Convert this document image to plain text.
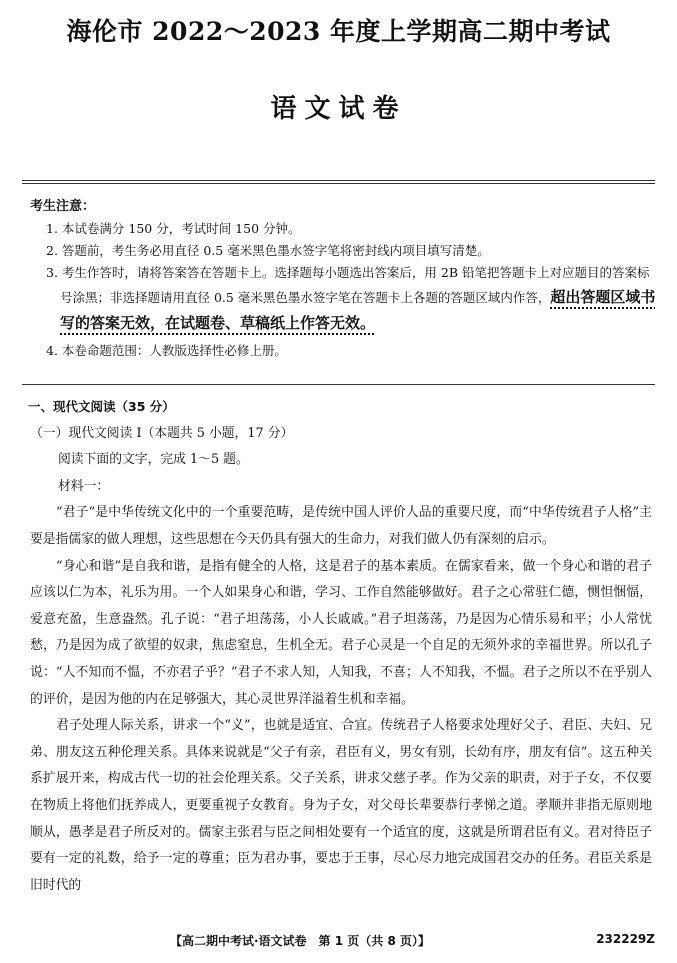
海伦市 2022～2023 年度上学期高二期中考试
语文试卷
考生注意：
1. 本试卷满分 150 分，考试时间 150 分钟。
2. 答题前，考生务必用直径 0.5 毫米黑色墨水签字笔将密封线内项目填写清楚。
3. 考生作答时，请将答案答在答题卡上。选择题每小题选出答案后，用 2B 铅笔把答题卡上对应题目的答案标号涂黑；非选择题请用直径 0.5 毫米黑色墨水签字笔在答题卡上各题的答题区域内作答，超出答题区域书写的答案无效，在试题卷、草稿纸上作答无效。
4. 本卷命题范围：人教版选择性必修上册。
一、现代文阅读（35 分）
（一）现代文阅读 I（本题共 5 小题，17 分）
阅读下面的文字，完成 1～5 题。
材料一：
“君子”是中华传统文化中的一个重要范畴，是传统中国人评价人品的重要尺度，而“中华传统君子人格”主要是指儒家的做人理想，这些思想在今天仍具有强大的生命力，对我们做人仍有深刻的启示。
“身心和谐”是自我和谐，是指有健全的人格，这是君子的基本素质。在儒家看来，做一个身心和谐的君子应该以仁为本，礼乐为用。一个人如果身心和谐，学习、工作自然能够做好。君子之心常驻仁德，恻怛悃愊，爱意充盈，生意盎然。孔子说：“君子坦荡荡，小人长戚戚。”君子坦荡荡，乃是因为心情乐易和平；小人常忧愁，乃是因为成了欲望的奴隶，焦虑窒息，生机全无。君子心灵是一个自足的无须外求的幸福世界。所以孔子说：“人不知而不愠，不亦君子乎？”君子不求人知，人知我，不喜；人不知我，不愠。君子之所以不在乎别人的评价，是因为他的内在足够强大，其心灵世界洋溢着生机和幸福。
君子处理人际关系，讲求一个“义”，也就是适宜、合宜。传统君子人格要求处理好父子、君臣、夫妇、兄弟、朋友这五种伦理关系。具体来说就是“父子有亲，君臣有义，男女有别，长幼有序，朋友有信”。这五种关系扩展开来，构成古代一切的社会伦理关系。父子关系，讲求父慈子孝。作为父亲的职责，对于子女，不仅要在物质上将他们抚养成人，更要重视子女教育。身为子女，对父母长辈要恭行孝悌之道。孝顺并非指无原则地顺从，愚孝是君子所反对的。儒家主张君与臣之间相处要有一个适宜的度，这就是所谓君臣有义。君对待臣子要有一定的礼数，给予一定的尊重；臣为君办事，要忠于王事，尽心尽力地完成国君交办的任务。君臣关系是旧时代的
【高二期中考试·语文试卷　第 1 页（共 8 页）】	232229Z
